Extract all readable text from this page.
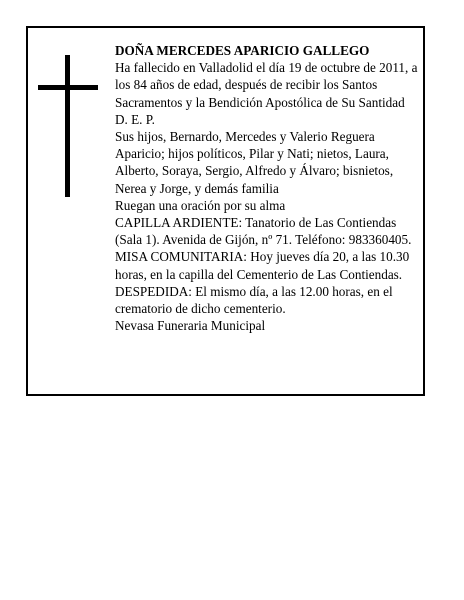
DOÑA MERCEDES APARICIO GALLEGO

Ha fallecido en Valladolid el día 19 de octubre de 2011, a los 84 años de edad, después de recibir los Santos Sacramentos y la Bendición Apostólica de Su Santidad

D. E. P.

Sus hijos, Bernardo, Mercedes y Valerio Reguera Aparicio; hijos políticos, Pilar y Nati; nietos, Laura, Alberto, Soraya, Sergio, Alfredo y Álvaro; bisnietos, Nerea y Jorge, y demás familia

Ruegan una oración por su alma

CAPILLA ARDIENTE: Tanatorio de Las Contiendas (Sala 1). Avenida de Gijón, nº 71. Teléfono: 983360405.

MISA COMUNITARIA: Hoy jueves día 20, a las 10.30 horas, en la capilla del Cementerio de Las Contiendas.

DESPEDIDA: El mismo día, a las 12.00 horas, en el crematorio de dicho cementerio.

Nevasa Funeraria Municipal
